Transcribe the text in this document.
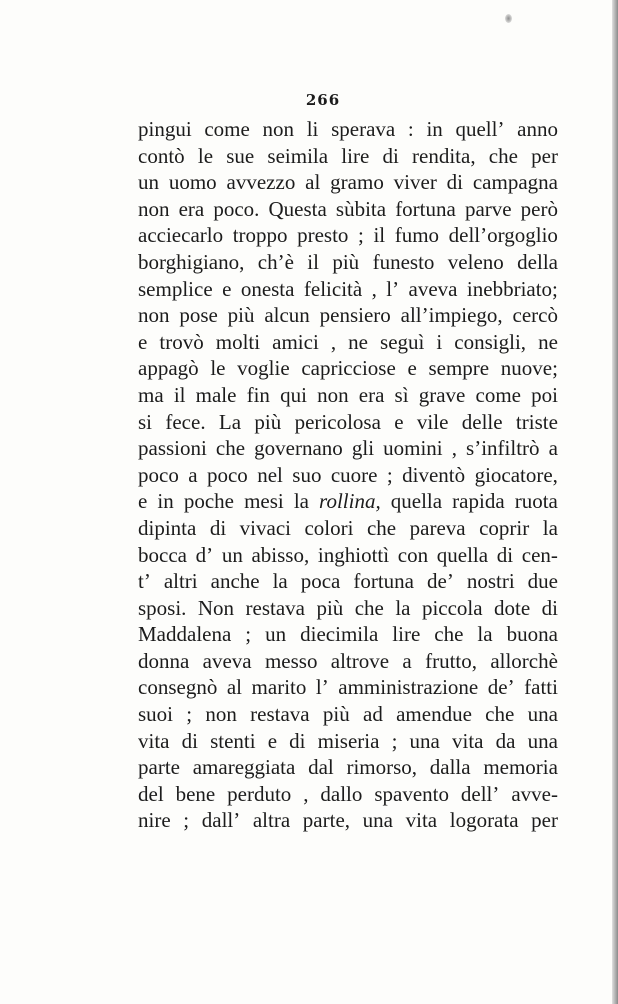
266
pingui come non li sperava : in quell’ anno
contò le sue seimila lire di rendita, che per
un uomo avvezzo al gramo viver di campagna
non era poco. Questa sùbita fortuna parve però
acciecarlo troppo presto ; il fumo dell’orgoglio
borghigiano, ch’è il più funesto veleno della
semplice e onesta felicità , l’ aveva inebbriato;
non pose più alcun pensiero all’impiego, cercò
e trovò molti amici , ne seguì i consigli, ne
appagò le voglie capricciose e sempre nuove;
ma il male fin qui non era sì grave come poi
si fece. La più pericolosa e vile delle triste
passioni che governano gli uomini , s’infiltrò a
poco a poco nel suo cuore ; diventò giocatore,
e in poche mesi la rollina, quella rapida ruota
dipinta di vivaci colori che pareva coprir la
bocca d’ un abisso, inghiottì con quella di cen-
t’ altri anche la poca fortuna de’ nostri due
sposi. Non restava più che la piccola dote di
Maddalena ; un diecimila lire che la buona
donna aveva messo altrove a frutto, allorchè
consegnò al marito l’ amministrazione de’ fatti
suoi ; non restava più ad amendue che una
vita di stenti e di miseria ; una vita da una
parte amareggiata dal rimorso, dalla memoria
del bene perduto , dallo spavento dell’ avve-
nire ; dall’ altra parte, una vita logorata per
